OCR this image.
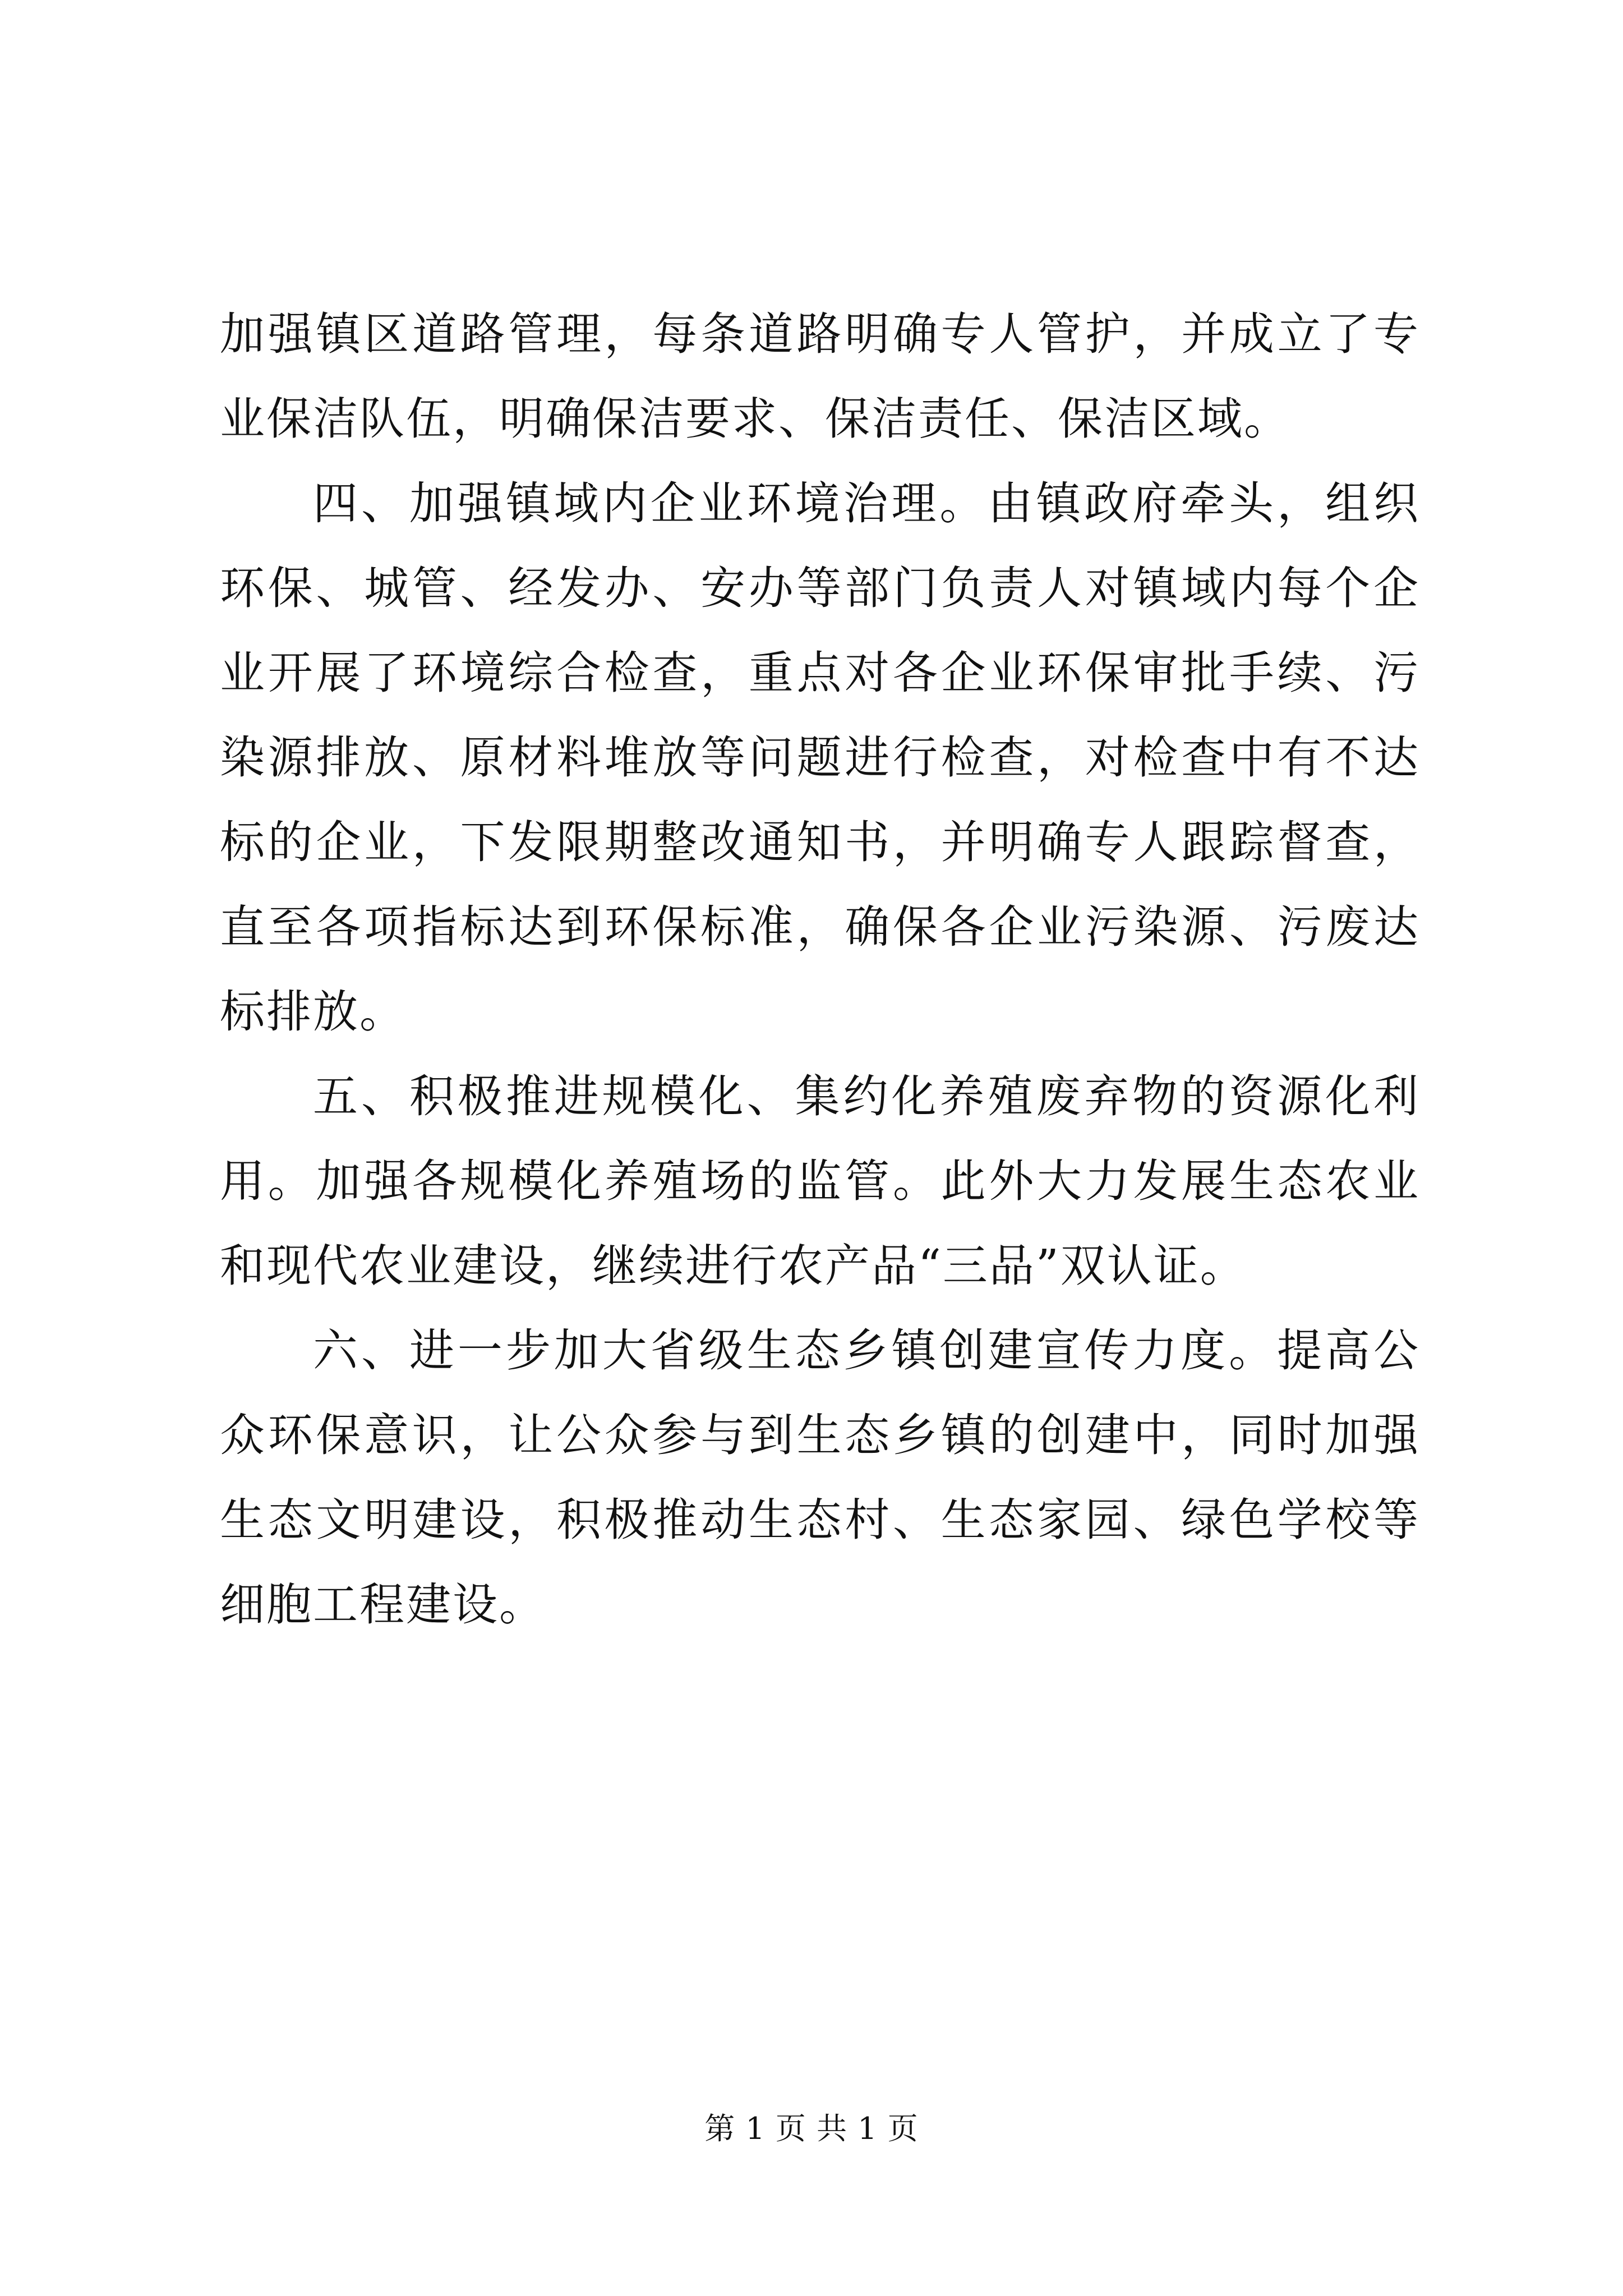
加强镇区道路管理，每条道路明确专人管护，并成立了专业保洁队伍，明确保洁要求、保洁责任、保洁区域。

四、加强镇域内企业环境治理。由镇政府牵头，组织环保、城管、经发办、安办等部门负责人对镇域内每个企业开展了环境综合检查，重点对各企业环保审批手续、污染源排放、原材料堆放等问题进行检查，对检查中有不达标的企业，下发限期整改通知书，并明确专人跟踪督查，直至各项指标达到环保标准，确保各企业污染源、污废达标排放。

五、积极推进规模化、集约化养殖废弃物的资源化利用。加强各规模化养殖场的监管。此外大力发展生态农业和现代农业建设，继续进行农产品“三品”双认证。

六、进一步加大省级生态乡镇创建宣传力度。提高公众环保意识，让公众参与到生态乡镇的创建中，同时加强生态文明建设，积极推动生态村、生态家园、绿色学校等细胞工程建设。

第 1 页 共 1 页
